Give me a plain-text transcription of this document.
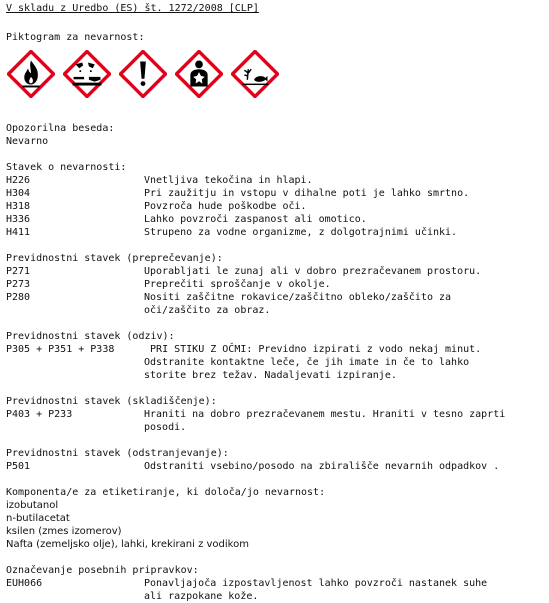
V skladu z Uredbo (ES) št. 1272/2008 [CLP]
Piktogram za nevarnost:
Opozorilna beseda:
Nevarno
Stavek o nevarnosti:
H226	Vnetljiva tekočina in hlapi.
H304	Pri zaužitju in vstopu v dihalne poti je lahko smrtno.
H318	Povzroča hude poškodbe oči.
H336	Lahko povzroči zaspanost ali omotico.
H411	Strupeno za vodne organizme, z dolgotrajnimi učinki.
Previdnostni stavek (preprečevanje):
P271	Uporabljati le zunaj ali v dobro prezračevanem prostoru.
P273	Preprečiti sproščanje v okolje.
P280	Nositi zaščitne rokavice/zaščitno obleko/zaščito za
oči/zaščito za obraz.
Previdnostni stavek (odziv):
P305 + P351 + P338	PRI STIKU Z OČMI: Previdno izpirati z vodo nekaj minut.
Odstranite kontaktne leče, če jih imate in če to lahko
storite brez težav. Nadaljevati izpiranje.
Previdnostni stavek (skladiščenje):
P403 + P233	Hraniti na dobro prezračevanem mestu. Hraniti v tesno zaprti
posodi.
Previdnostni stavek (odstranjevanje):
P501	Odstraniti vsebino/posodo na zbirališče nevarnih odpadkov .
Komponenta/e za etiketiranje, ki določa/jo nevarnost:
izobutanol
n-butilacetat
ksilen (zmes izomerov)
Nafta (zemeljsko olje), lahki, krekirani z vodikom
Označevanje posebnih pripravkov:
EUH066	Ponavljajoča izpostavljenost lahko povzroči nastanek suhe
ali razpokane kože.
